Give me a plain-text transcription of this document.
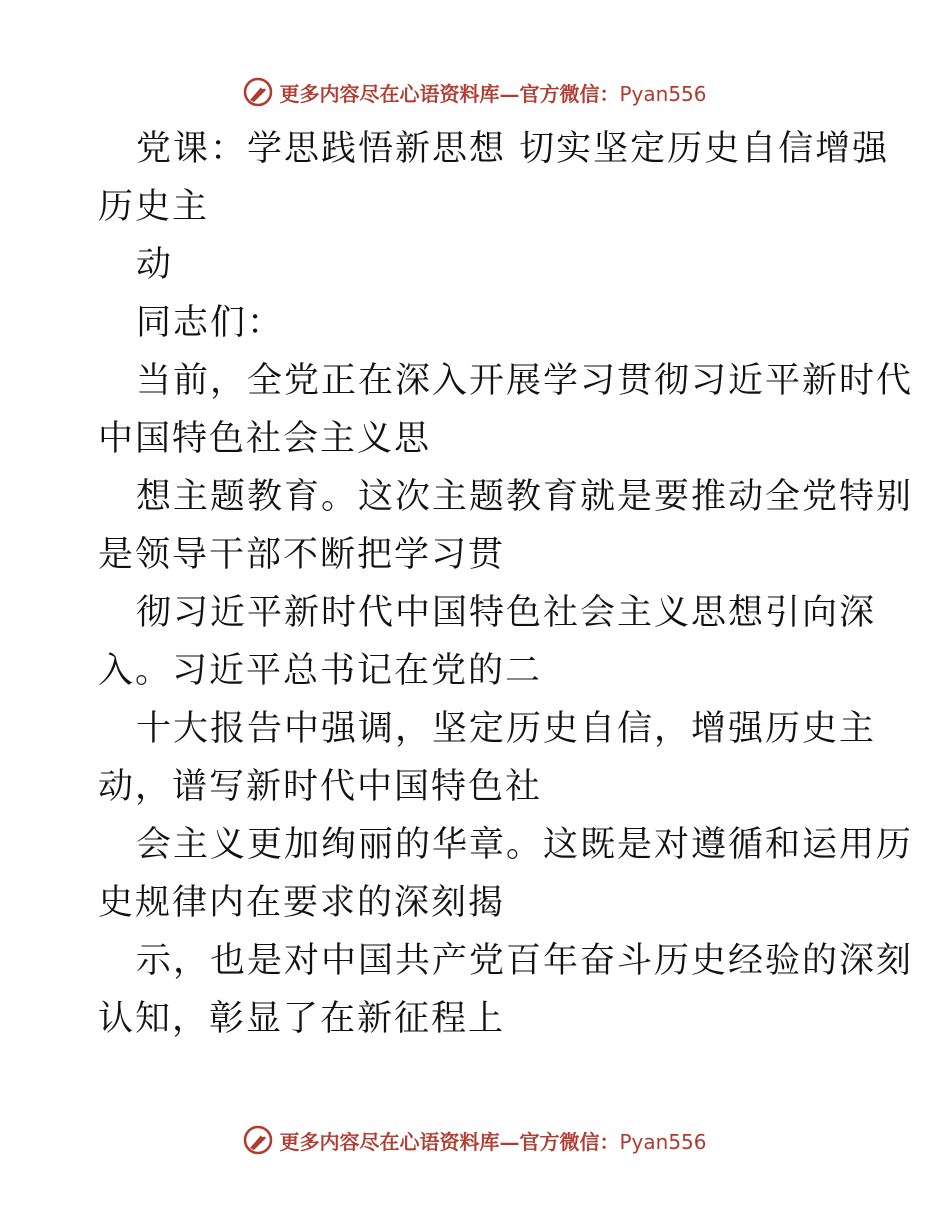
更多内容尽在心语资料库—官方微信：Pyan556
党课：学思践悟新思想 切实坚定历史自信增强
历史主
动
同志们：
当前，全党正在深入开展学习贯彻习近平新时代
中国特色社会主义思
想主题教育。这次主题教育就是要推动全党特别
是领导干部不断把学习贯
彻习近平新时代中国特色社会主义思想引向深
入。习近平总书记在党的二
十大报告中强调，坚定历史自信，增强历史主
动，谱写新时代中国特色社
会主义更加绚丽的华章。这既是对遵循和运用历
史规律内在要求的深刻揭
示，也是对中国共产党百年奋斗历史经验的深刻
认知，彰显了在新征程上
更多内容尽在心语资料库—官方微信：Pyan556
